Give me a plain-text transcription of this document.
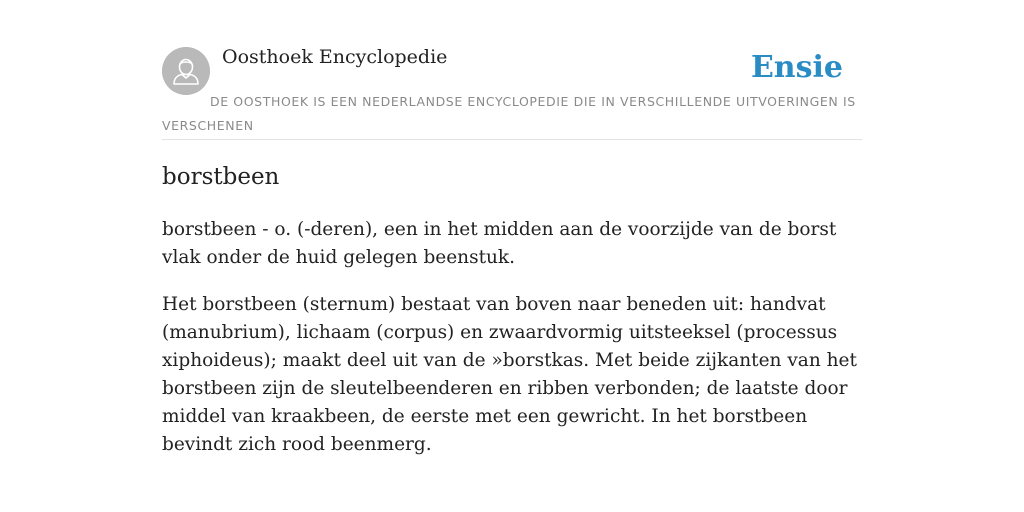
Oosthoek Encyclopedie	Ensie
DE OOSTHOEK IS EEN NEDERLANDSE ENCYCLOPEDIE DIE IN VERSCHILLENDE UITVOERINGEN IS VERSCHENEN
borstbeen

borstbeen - o. (-deren), een in het midden aan de voorzijde van de borst vlak onder de huid gelegen beenstuk.

Het borstbeen (sternum) bestaat van boven naar beneden uit: handvat (manubrium), lichaam (corpus) en zwaardvormig uitsteeksel (processus xiphoideus); maakt deel uit van de »borstkas. Met beide zijkanten van het borstbeen zijn de sleutelbeenderen en ribben verbonden; de laatste door middel van kraakbeen, de eerste met een gewricht. In het borstbeen bevindt zich rood beenmerg.
